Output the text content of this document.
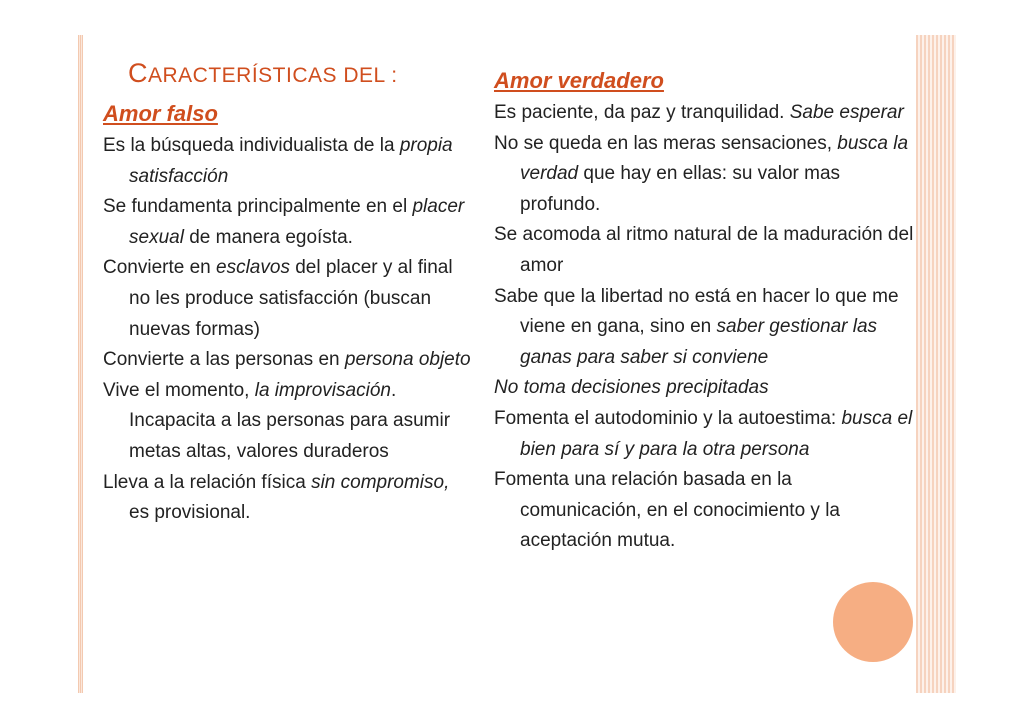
CARACTERÍSTICAS DEL :

Amor falso

Es la búsqueda individualista de la propia satisfacción

Se fundamenta principalmente en el placer sexual de manera egoísta.

Convierte en esclavos del placer y al final no les produce satisfacción (buscan nuevas formas)

Convierte a las personas en persona objeto

Vive el momento, la improvisación. Incapacita a las personas para asumir metas altas, valores duraderos

Lleva a la relación física sin compromiso, es provisional.

Amor verdadero

Es paciente, da paz y tranquilidad. Sabe esperar

No se queda en las meras sensaciones, busca la verdad que hay en ellas: su valor mas profundo.

Se acomoda al ritmo natural de la maduración del amor

Sabe que la libertad no está en hacer lo que me viene en gana, sino en saber gestionar las ganas para saber si conviene

No toma decisiones precipitadas

Fomenta el autodominio y la autoestima: busca el bien para sí y para la otra persona

Fomenta una relación basada en la comunicación, en el conocimiento y la aceptación mutua.
